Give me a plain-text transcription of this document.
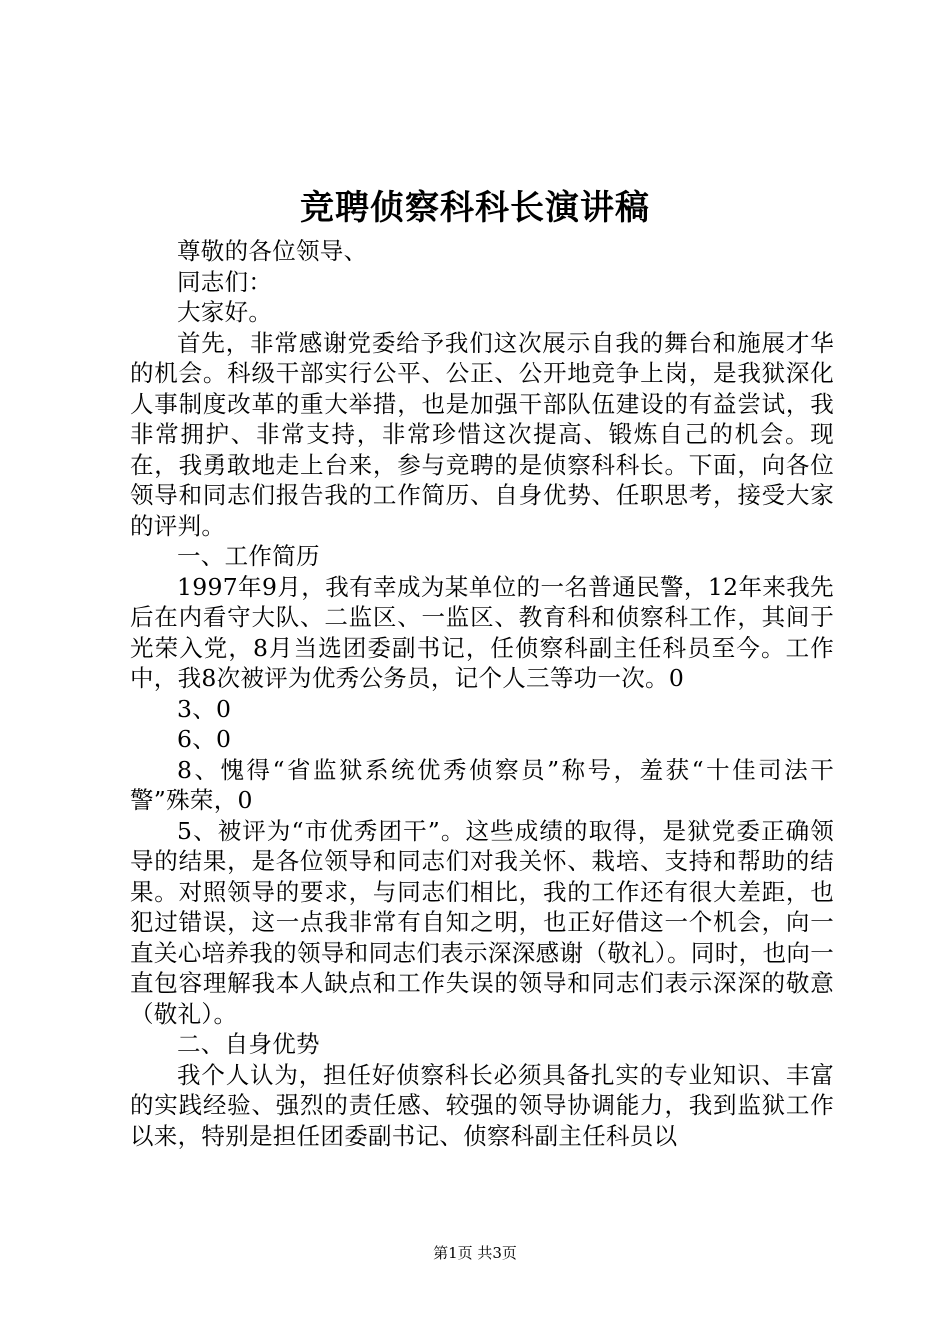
竞聘侦察科科长演讲稿

尊敬的各位领导、

同志们：

大家好。

首先，非常感谢党委给予我们这次展示自我的舞台和施展才华的机会。科级干部实行公平、公正、公开地竞争上岗，是我狱深化人事制度改革的重大举措，也是加强干部队伍建设的有益尝试，我非常拥护、非常支持，非常珍惜这次提高、锻炼自己的机会。现在，我勇敢地走上台来，参与竞聘的是侦察科科长。下面，向各位领导和同志们报告我的工作简历、自身优势、任职思考，接受大家的评判。

一、工作简历

1997年9月，我有幸成为某单位的一名普通民警，12年来我先后在内看守大队、二监区、一监区、教育科和侦察科工作，其间于光荣入党，8月当选团委副书记，任侦察科副主任科员至今。工作中，我8次被评为优秀公务员，记个人三等功一次。0

3、0

6、0

8、愧得“省监狱系统优秀侦察员”称号，羞获“十佳司法干警”殊荣，0

5、被评为“市优秀团干”。这些成绩的取得，是狱党委正确领导的结果，是各位领导和同志们对我关怀、栽培、支持和帮助的结果。对照领导的要求，与同志们相比，我的工作还有很大差距，也犯过错误，这一点我非常有自知之明，也正好借这一个机会，向一直关心培养我的领导和同志们表示深深感谢（敬礼）。同时，也向一直包容理解我本人缺点和工作失误的领导和同志们表示深深的敬意（敬礼）。

二、自身优势

我个人认为，担任好侦察科长必须具备扎实的专业知识、丰富的实践经验、强烈的责任感、较强的领导协调能力，我到监狱工作以来，特别是担任团委副书记、侦察科副主任科员以

第1页 共3页
